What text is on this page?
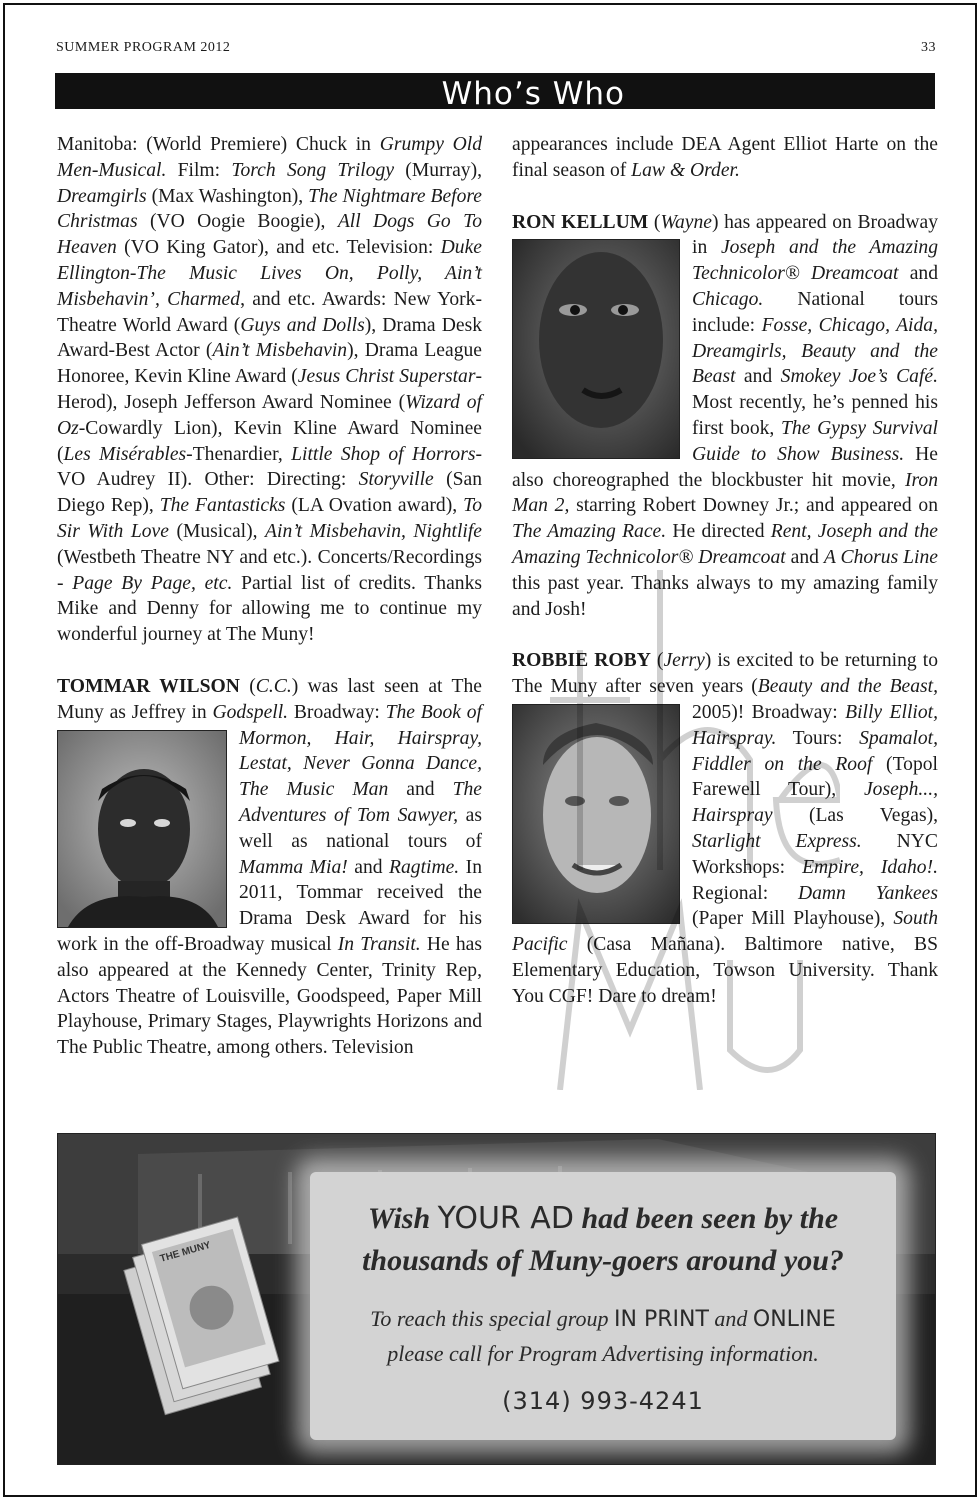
SUMMER PROGRAM 2012	33
Who’s Who

Manitoba: (World Premiere) Chuck in Grumpy Old Men-Musical. Film: Torch Song Trilogy (Murray), Dreamgirls (Max Washington), The Nightmare Before Christmas (VO Oogie Boogie), All Dogs Go To Heaven (VO King Gator), and etc. Television: Duke Ellington-The Music Lives On, Polly, Ain’t Misbehavin’, Charmed, and etc. Awards: New York-Theatre World Award (Guys and Dolls), Drama Desk Award-Best Actor (Ain’t Misbehavin), Drama League Honoree, Kevin Kline Award (Jesus Christ Superstar-Herod), Joseph Jefferson Award Nominee (Wizard of Oz-Cowardly Lion), Kevin Kline Award Nominee (Les Misérables-Thenardier, Little Shop of Horrors-VO Audrey II). Other: Directing: Storyville (San Diego Rep), The Fantasticks (LA Ovation award), To Sir With Love (Musical), Ain’t Misbehavin, Nightlife (Westbeth Theatre NY and etc.). Concerts/Recordings - Page By Page, etc. Partial list of credits. Thanks Mike and Denny for allowing me to continue my wonderful journey at The Muny!

TOMMAR WILSON (C.C.) was last seen at The Muny as Jeffrey in Godspell. Broadway:
The Book of Mormon, Hair, Hairspray, Lestat, Never Gonna Dance, The Music Man and The Adventures of Tom Sawyer, as well as national tours of Mamma Mia! and Ragtime. In 2011, Tommar received the Drama Desk Award for his work in the off-Broadway musical In Transit. He has also appeared at the Kennedy Center, Trinity Rep, Actors Theatre of Louisville, Goodspeed, Paper Mill Playhouse, Primary Stages, Playwrights Horizons and The Public Theatre, among others. Television

appearances include DEA Agent Elliot Harte on the final season of Law & Order.

RON KELLUM (Wayne) has appeared on Broadway in
Joseph and the Amazing Technicolor® Dreamcoat and Chicago. National tours include: Fosse, Chicago, Aida, Dreamgirls, Beauty and the Beast and Smokey Joe’s Café. Most recently, he’s penned his first book, The Gypsy Survival Guide to Show Business. He also choreographed the blockbuster hit movie, Iron Man 2, starring Robert Downey Jr.; and appeared on The Amazing Race. He directed Rent, Joseph and the Amazing Technicolor® Dreamcoat and A Chorus Line this past year. Thanks always to my amazing family and Josh!

ROBBIE ROBY (Jerry) is excited to be returning to The Muny after seven years (Beauty and the Beast,
2005)! Broadway: Billy Elliot, Hairspray. Tours: Spamalot, Fiddler on the Roof (Topol Farewell Tour), Joseph..., Hairspray (Las Vegas), Starlight Express. NYC Workshops: Empire, Idaho!. Regional: Damn Yankees (Paper Mill Playhouse), South Pacific (Casa Mañana). Baltimore native, BS Elementary Education, Towson University. Thank You CGF! Dare to dream!

THE MUNY
Wish YOUR AD had been seen by the thousands of Muny-goers around you?
To reach this special group IN PRINT and ONLINE
please call for Program Advertising information.
(314) 993-4241
